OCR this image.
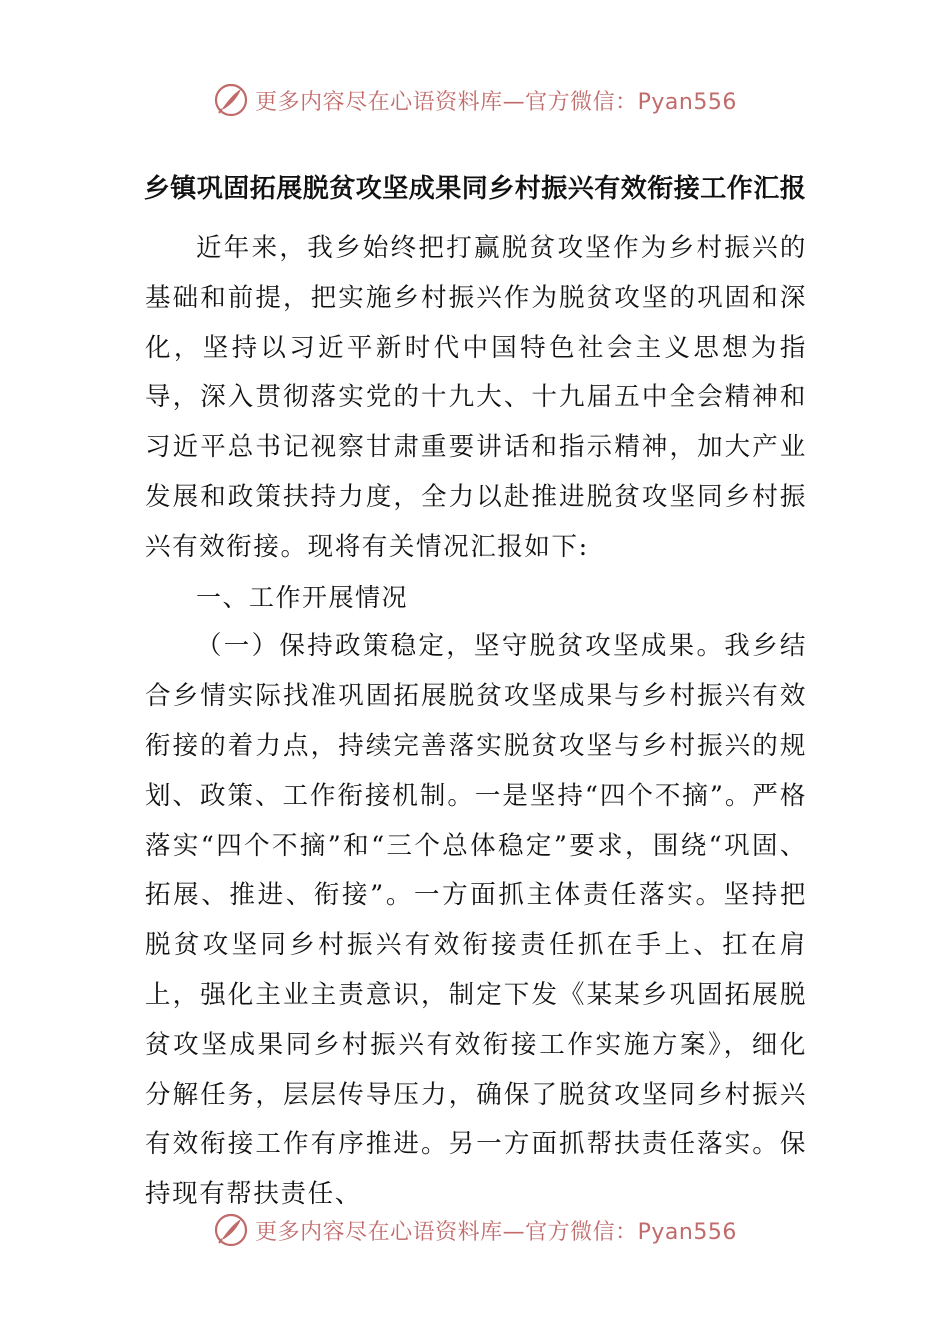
更多内容尽在心语资料库—官方微信：Pyan556
乡镇巩固拓展脱贫攻坚成果同乡村振兴有效衔接工作汇报

近年来，我乡始终把打赢脱贫攻坚作为乡村振兴的基础和前提，把实施乡村振兴作为脱贫攻坚的巩固和深化，坚持以习近平新时代中国特色社会主义思想为指导，深入贯彻落实党的十九大、十九届五中全会精神和习近平总书记视察甘肃重要讲话和指示精神，加大产业发展和政策扶持力度，全力以赴推进脱贫攻坚同乡村振兴有效衔接。现将有关情况汇报如下:

一、工作开展情况

（一）保持政策稳定，坚守脱贫攻坚成果。我乡结合乡情实际找准巩固拓展脱贫攻坚成果与乡村振兴有效衔接的着力点，持续完善落实脱贫攻坚与乡村振兴的规划、政策、工作衔接机制。一是坚持“四个不摘”。严格落实“四个不摘”和“三个总体稳定”要求，围绕“巩固、拓展、推进、衔接”。一方面抓主体责任落实。坚持把脱贫攻坚同乡村振兴有效衔接责任抓在手上、扛在肩上，强化主业主责意识，制定下发《某某乡巩固拓展脱贫攻坚成果同乡村振兴有效衔接工作实施方案》，细化分解任务，层层传导压力，确保了脱贫攻坚同乡村振兴有效衔接工作有序推进。另一方面抓帮扶责任落实。保持现有帮扶责任、

更多内容尽在心语资料库—官方微信：Pyan556
